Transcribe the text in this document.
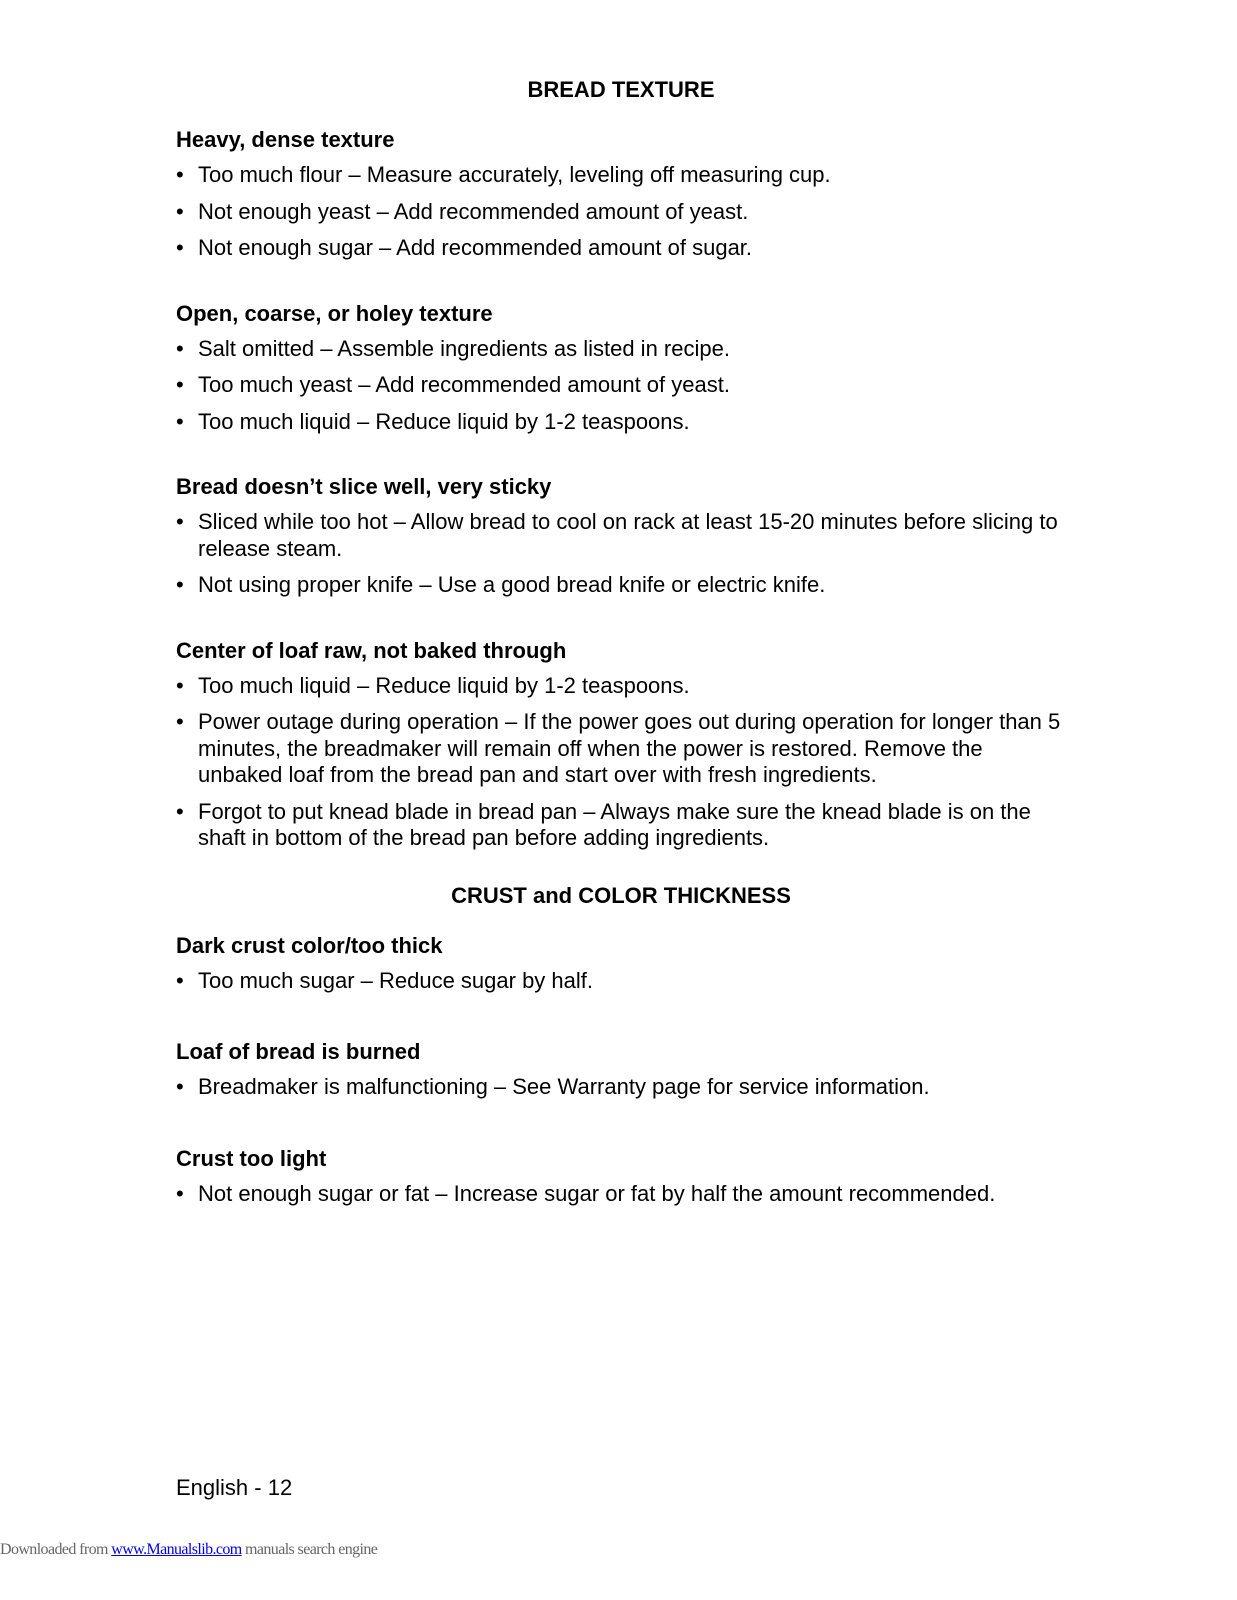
BREAD TEXTURE
Heavy, dense texture
• Too much flour – Measure accurately, leveling off measuring cup.
• Not enough yeast – Add recommended amount of yeast.
• Not enough sugar – Add recommended amount of sugar.
Open, coarse, or holey texture
• Salt omitted – Assemble ingredients as listed in recipe.
• Too much yeast – Add recommended amount of yeast.
• Too much liquid – Reduce liquid by 1-2 teaspoons.
Bread doesn’t slice well, very sticky
• Sliced while too hot – Allow bread to cool on rack at least 15-20 minutes before slicing to release steam.
• Not using proper knife – Use a good bread knife or electric knife.
Center of loaf raw, not baked through
• Too much liquid – Reduce liquid by 1-2 teaspoons.
• Power outage during operation – If the power goes out during operation for longer than 5 minutes, the breadmaker will remain off when the power is restored. Remove the unbaked loaf from the bread pan and start over with fresh ingredients.
• Forgot to put knead blade in bread pan – Always make sure the knead blade is on the shaft in bottom of the bread pan before adding ingredients.
CRUST and COLOR THICKNESS
Dark crust color/too thick
• Too much sugar – Reduce sugar by half.
Loaf of bread is burned
• Breadmaker is malfunctioning – See Warranty page for service information.
Crust too light
• Not enough sugar or fat – Increase sugar or fat by half the amount recommended.
English - 12
Downloaded from www.Manualslib.com manuals search engine
